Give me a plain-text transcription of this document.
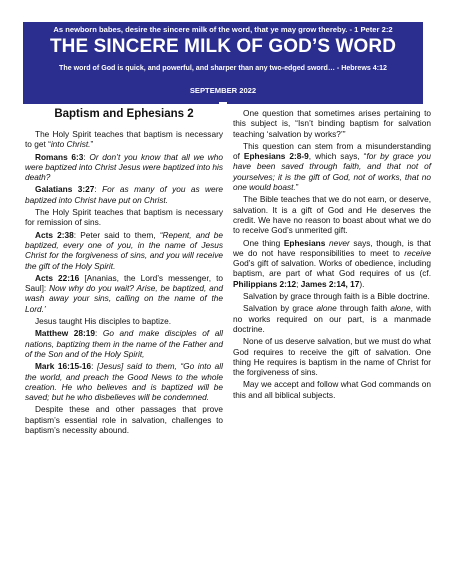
As newborn babes, desire the sincere milk of the word, that ye may grow thereby. - 1 Peter 2:2
THE SINCERE MILK OF GOD’S WORD
The word of God is quick, and powerful, and sharper than any two-edged sword… - Hebrews 4:12
SEPTEMBER 2022
Baptism and Ephesians 2

The Holy Spirit teaches that baptism is necessary to get “into Christ.”

Romans 6:3: Or don’t you know that all we who were baptized into Christ Jesus were baptized into his death?

Galatians 3:27: For as many of you as were baptized into Christ have put on Christ.

The Holy Spirit teaches that baptism is necessary for remission of sins.

Acts 2:38: Peter said to them, “Repent, and be baptized, every one of you, in the name of Jesus Christ for the forgiveness of sins, and you will receive the gift of the Holy Spirit.

Acts 22:16 [Ananias, the Lord’s messenger, to Saul]: Now why do you wait? Arise, be baptized, and wash away your sins, calling on the name of the Lord.’

Jesus taught His disciples to baptize.

Matthew 28:19: Go and make disciples of all nations, baptizing them in the name of the Father and of the Son and of the Holy Spirit,

Mark 16:15-16: [Jesus] said to them, “Go into all the world, and preach the Good News to the whole creation. He who believes and is baptized will be saved; but he who disbelieves will be condemned.

Despite these and other passages that prove baptism’s essential role in salvation, challenges to baptism’s necessity abound.

One question that sometimes arises pertaining to this subject is, “Isn’t binding baptism for salvation teaching ‘salvation by works?’”

This question can stem from a misunderstanding of Ephesians 2:8-9, which says, “for by grace you have been saved through faith, and that not of yourselves; it is the gift of God, not of works, that no one would boast.”

The Bible teaches that we do not earn, or deserve, salvation. It is a gift of God and He deserves the credit. We have no reason to boast about what we do to receive God’s unmerited gift.

One thing Ephesians never says, though, is that we do not have responsibilities to meet to receive God’s gift of salvation. Works of obedience, including baptism, are part of what God requires of us (cf. Philippians 2:12; James 2:14, 17).

Salvation by grace through faith is a Bible doctrine.

Salvation by grace alone through faith alone, with no works required on our part, is a manmade doctrine.

None of us deserve salvation, but we must do what God requires to receive the gift of salvation. One thing He requires is baptism in the name of Christ for the forgiveness of sins.

May we accept and follow what God commands on this and all biblical subjects.
